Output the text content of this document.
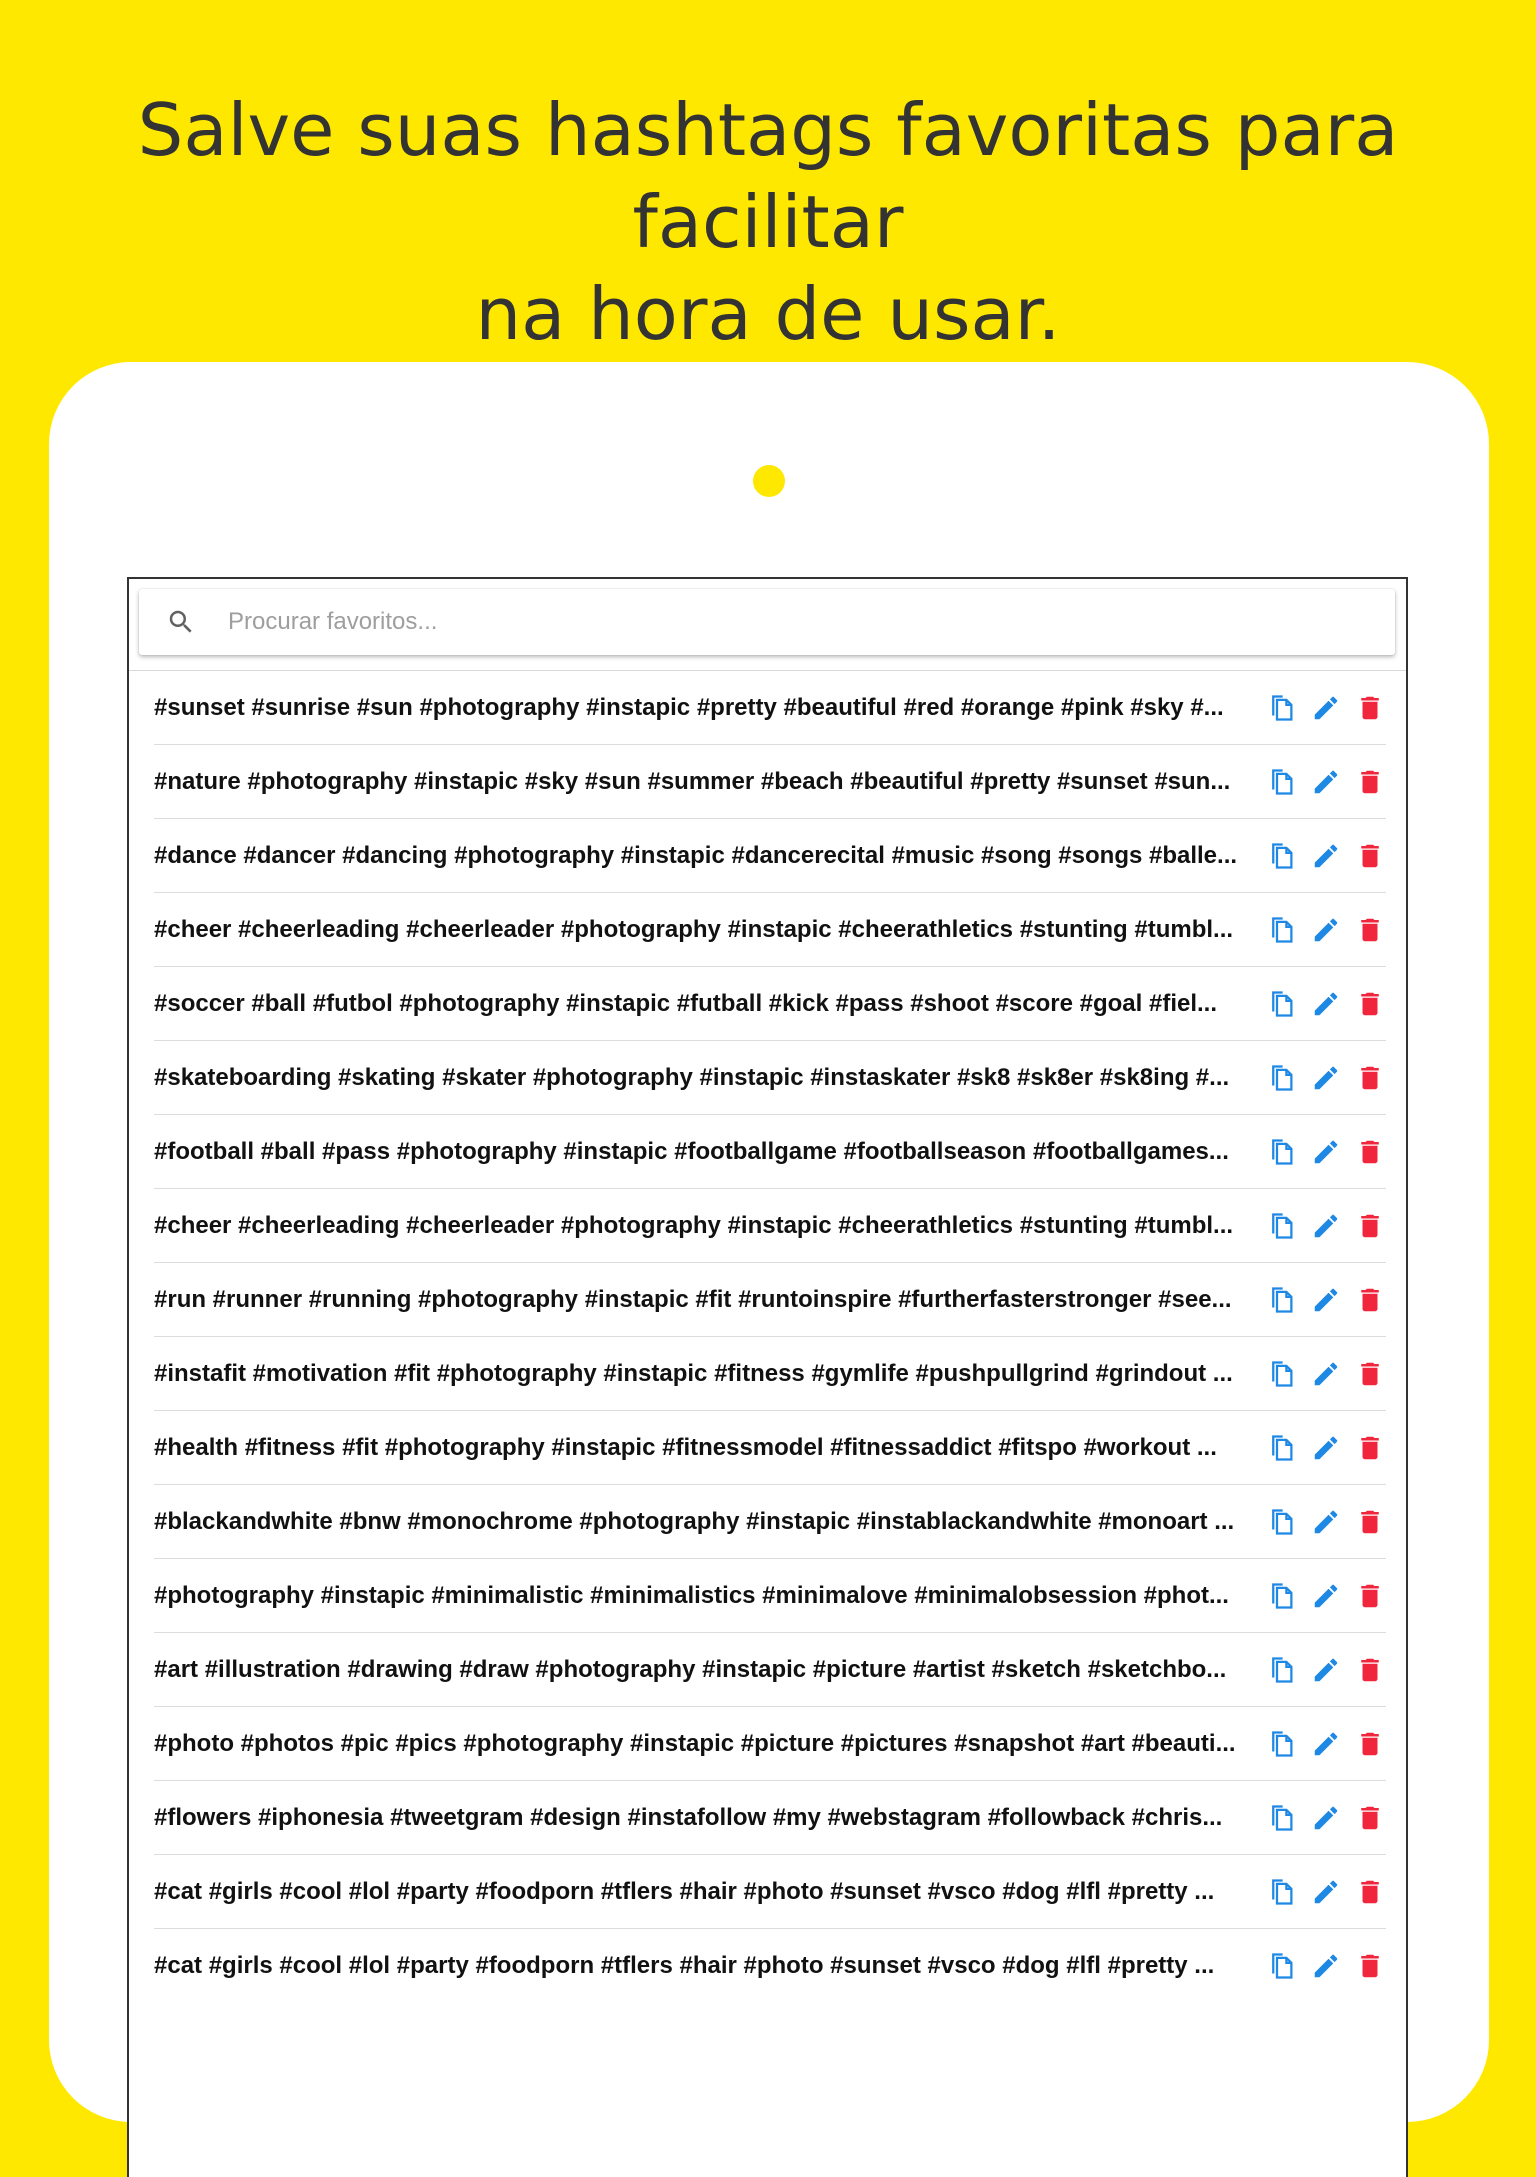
Salve suas hashtags favoritas para facilitar
na hora de usar.
Procurar favoritos...
#sunset #sunrise #sun #photography #instapic #pretty #beautiful #red #orange #pink #sky #...
#nature #photography #instapic #sky #sun #summer #beach #beautiful #pretty #sunset #sun...
#dance #dancer #dancing #photography #instapic #dancerecital #music #song #songs #balle...
#cheer #cheerleading #cheerleader #photography #instapic #cheerathletics #stunting #tumbl...
#soccer #ball #futbol #photography #instapic #futball #kick #pass #shoot #score #goal #fiel...
#skateboarding #skating #skater #photography #instapic #instaskater #sk8 #sk8er #sk8ing #...
#football #ball #pass #photography #instapic #footballgame #footballseason #footballgames...
#cheer #cheerleading #cheerleader #photography #instapic #cheerathletics #stunting #tumbl...
#run #runner #running #photography #instapic #fit #runtoinspire #furtherfasterstronger #see...
#instafit #motivation #fit #photography #instapic #fitness #gymlife #pushpullgrind #grindout ...
#health #fitness #fit #photography #instapic #fitnessmodel #fitnessaddict #fitspo #workout ...
#blackandwhite #bnw #monochrome #photography #instapic #instablackandwhite #monoart ...
#photography #instapic #minimalistic #minimalistics #minimalove #minimalobsession #phot...
#art #illustration #drawing #draw #photography #instapic #picture #artist #sketch #sketchbo...
#photo #photos #pic #pics #photography #instapic #picture #pictures #snapshot #art #beauti...
#flowers #iphonesia #tweetgram #design #instafollow #my #webstagram #followback #chris...
#cat #girls #cool #lol #party #foodporn #tflers #hair #photo #sunset #vsco #dog #lfl #pretty ...
#cat #girls #cool #lol #party #foodporn #tflers #hair #photo #sunset #vsco #dog #lfl #pretty ...
